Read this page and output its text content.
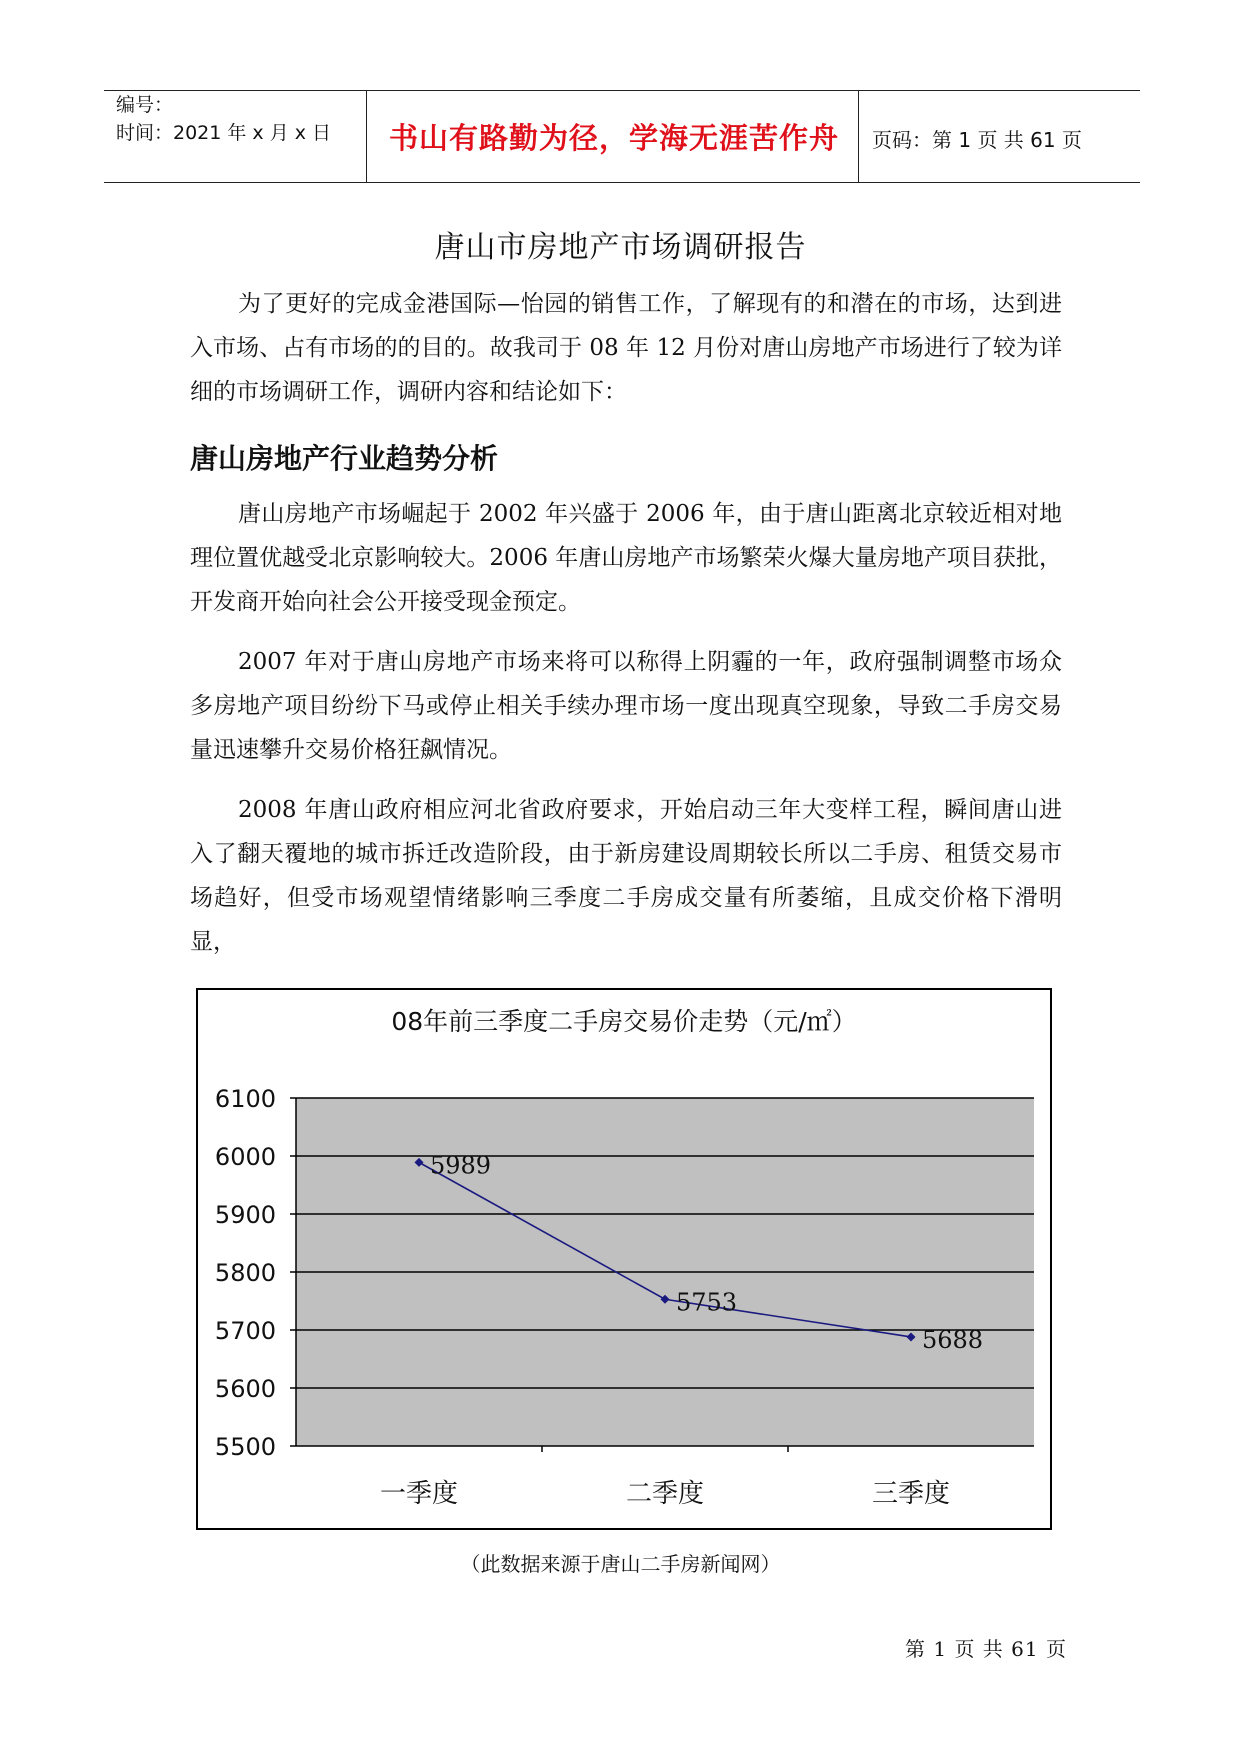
编号：
时间：2021 年 x 月 x 日	书山有路勤为径，学海无涯苦作舟	页码：第 1 页 共 61 页
唐山市房地产市场调研报告

为了更好的完成金港国际—怡园的销售工作，了解现有的和潜在的市场，达到进入市场、占有市场的的目的。故我司于 08 年 12 月份对唐山房地产市场进行了较为详细的市场调研工作，调研内容和结论如下：

唐山房地产行业趋势分析

唐山房地产市场崛起于 2002 年兴盛于 2006 年，由于唐山距离北京较近相对地理位置优越受北京影响较大。2006 年唐山房地产市场繁荣火爆大量房地产项目获批，开发商开始向社会公开接受现金预定。

2007 年对于唐山房地产市场来将可以称得上阴霾的一年，政府强制调整市场众多房地产项目纷纷下马或停止相关手续办理市场一度出现真空现象，导致二手房交易量迅速攀升交易价格狂飙情况。

2008 年唐山政府相应河北省政府要求，开始启动三年大变样工程，瞬间唐山进入了翻天覆地的城市拆迁改造阶段，由于新房建设周期较长所以二手房、租赁交易市场趋好，但受市场观望情绪影响三季度二手房成交量有所萎缩，且成交价格下滑明显，

08年前三季度二手房交易价走势（元/㎡）
5500
5600
5700
5800
5900
6000
6100
一季度	二季度	三季度
5989
5753
5688
（此数据来源于唐山二手房新闻网）
第 1 页 共 61 页
